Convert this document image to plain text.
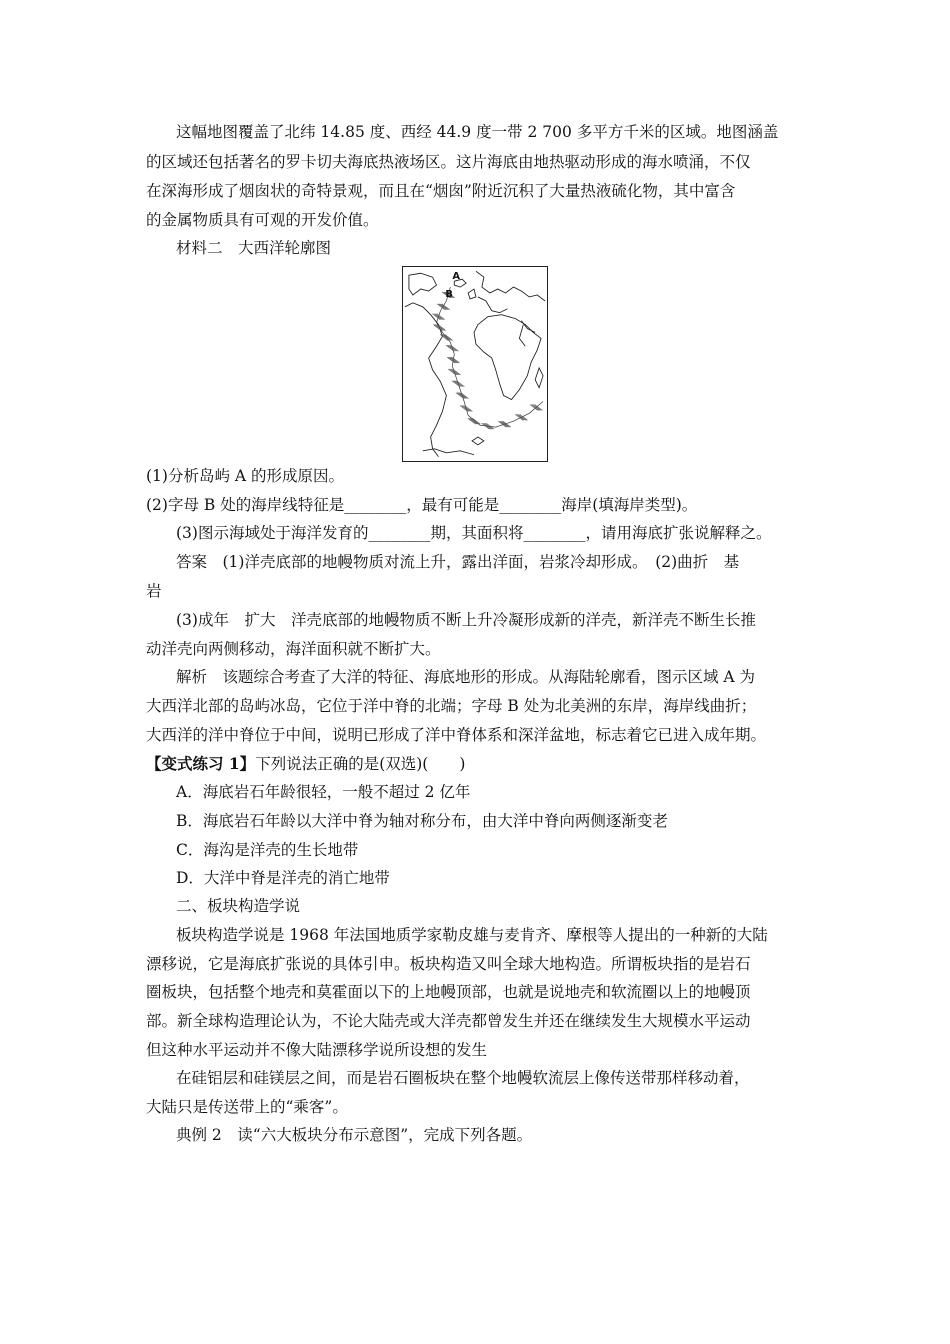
这幅地图覆盖了北纬 14.85 度、西经 44.9 度一带 2 700 多平方千米的区域。地图涵盖
的区域还包括著名的罗卡切夫海底热液场区。这片海底由地热驱动形成的海水喷涌，不仅
在深海形成了烟囱状的奇特景观，而且在“烟囱”附近沉积了大量热液硫化物，其中富含
的金属物质具有可观的开发价值。
材料二　大西洋轮廓图
A
B
(1)分析岛屿 A 的形成原因。
(2)字母 B 处的海岸线特征是________，最有可能是________海岸(填海岸类型)。
(3)图示海域处于海洋发育的________期，其面积将________，请用海底扩张说解释之。
答案　(1)洋壳底部的地幔物质对流上升，露出洋面，岩浆冷却形成。　(2)曲折　基
岩
(3)成年　扩大　洋壳底部的地幔物质不断上升冷凝形成新的洋壳，新洋壳不断生长推
动洋壳向两侧移动，海洋面积就不断扩大。
解析　该题综合考查了大洋的特征、海底地形的形成。从海陆轮廓看，图示区域 A 为
大西洋北部的岛屿冰岛，它位于洋中脊的北端；字母 B 处为北美洲的东岸，海岸线曲折；
大西洋的洋中脊位于中间，说明已形成了洋中脊体系和深洋盆地，标志着它已进入成年期。
【变式练习 1】下列说法正确的是(双选)(　　)
A．海底岩石年龄很轻，一般不超过 2 亿年
B．海底岩石年龄以大洋中脊为轴对称分布，由大洋中脊向两侧逐渐变老
C．海沟是洋壳的生长地带
D．大洋中脊是洋壳的消亡地带
二、板块构造学说
板块构造学说是 1968 年法国地质学家勒皮雄与麦肯齐、摩根等人提出的一种新的大陆
漂移说，它是海底扩张说的具体引申。板块构造又叫全球大地构造。所谓板块指的是岩石
圈板块，包括整个地壳和莫霍面以下的上地幔顶部，也就是说地壳和软流圈以上的地幔顶
部。新全球构造理论认为，不论大陆壳或大洋壳都曾发生并还在继续发生大规模水平运动
但这种水平运动并不像大陆漂移学说所设想的发生
在硅铝层和硅镁层之间，而是岩石圈板块在整个地幔软流层上像传送带那样移动着，
大陆只是传送带上的“乘客”。
典例 2　读“六大板块分布示意图”，完成下列各题。
